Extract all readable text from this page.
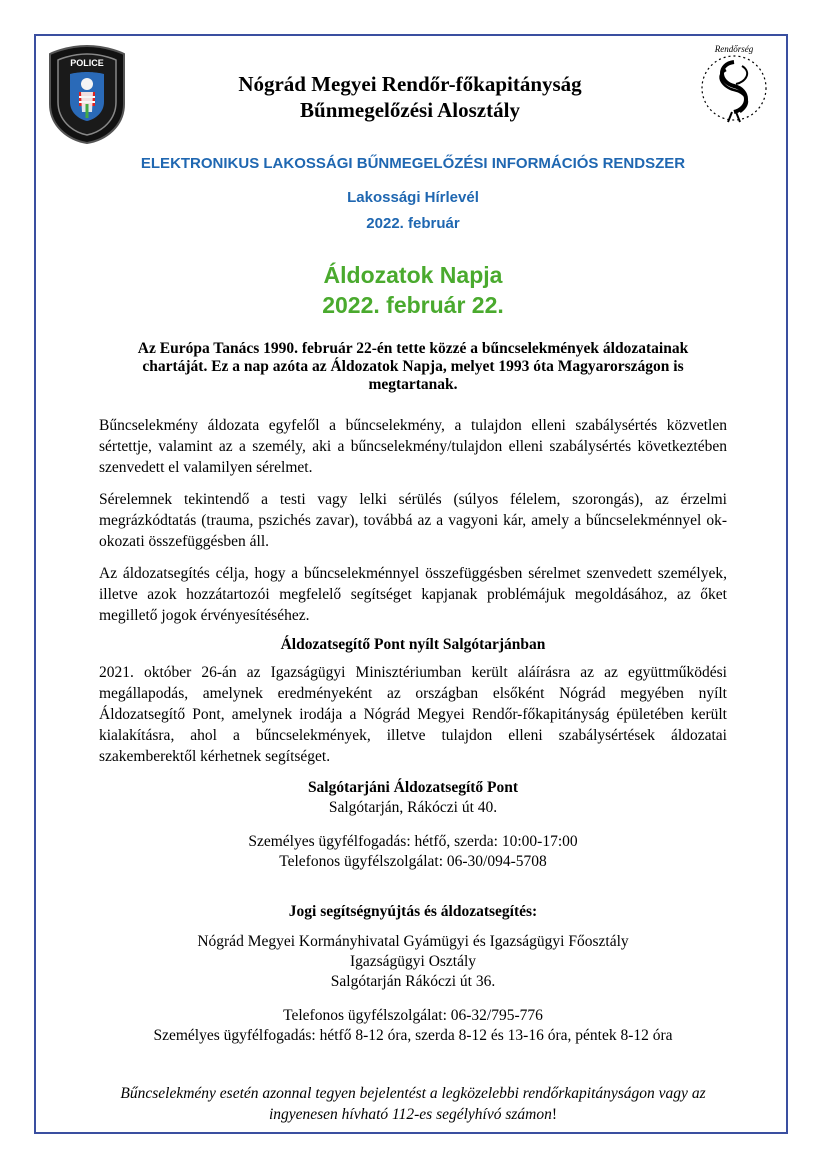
POLICE
Rendőrség
Nógrád Megyei Rendőr-főkapitányság
Bűnmegelőzési Alosztály
ELEKTRONIKUS LAKOSSÁGI BŰNMEGELŐZÉSI INFORMÁCIÓS RENDSZER
Lakossági Hírlevél
2022. február
Áldozatok Napja
2022. február 22.
Az Európa Tanács 1990. február 22-én tette közzé a bűncselekmények áldozatainak chartáját. Ez a nap azóta az Áldozatok Napja, melyet 1993 óta Magyarországon is megtartanak.
Bűncselekmény áldozata egyfelől a bűncselekmény, a tulajdon elleni szabálysértés közvetlen sértettje, valamint az a személy, aki a bűncselekmény/tulajdon elleni szabálysértés következtében szenvedett el valamilyen sérelmet.
Sérelemnek tekintendő a testi vagy lelki sérülés (súlyos félelem, szorongás), az érzelmi megrázkódtatás (trauma, pszichés zavar), továbbá az a vagyoni kár, amely a bűncselekménnyel ok-okozati összefüggésben áll.
Az áldozatsegítés célja, hogy a bűncselekménnyel összefüggésben sérelmet szenvedett személyek, illetve azok hozzátartozói megfelelő segítséget kapjanak problémájuk megoldásához, az őket megillető jogok érvényesítéséhez.
Áldozatsegítő Pont nyílt Salgótarjánban
2021. október 26-án az Igazságügyi Minisztériumban került aláírásra az az együttműködési megállapodás, amelynek eredményeként az országban elsőként Nógrád megyében nyílt Áldozatsegítő Pont, amelynek irodája a Nógrád Megyei Rendőr-főkapitányság épületében került kialakításra, ahol a bűncselekmények, illetve tulajdon elleni szabálysértések áldozatai szakemberektől kérhetnek segítséget.
Salgótarjáni Áldozatsegítő Pont
Salgótarján, Rákóczi út 40.
Személyes ügyfélfogadás: hétfő, szerda: 10:00-17:00
Telefonos ügyfélszolgálat: 06-30/094-5708
Jogi segítségnyújtás és áldozatsegítés:
Nógrád Megyei Kormányhivatal Gyámügyi és Igazságügyi Főosztály
Igazságügyi Osztály
Salgótarján Rákóczi út 36.
Telefonos ügyfélszolgálat: 06-32/795-776
Személyes ügyfélfogadás: hétfő 8-12 óra, szerda 8-12 és 13-16 óra, péntek 8-12 óra
Bűncselekmény esetén azonnal tegyen bejelentést a legközelebbi rendőrkapitányságon vagy az
ingyenesen hívható 112-es segélyhívó számon!
